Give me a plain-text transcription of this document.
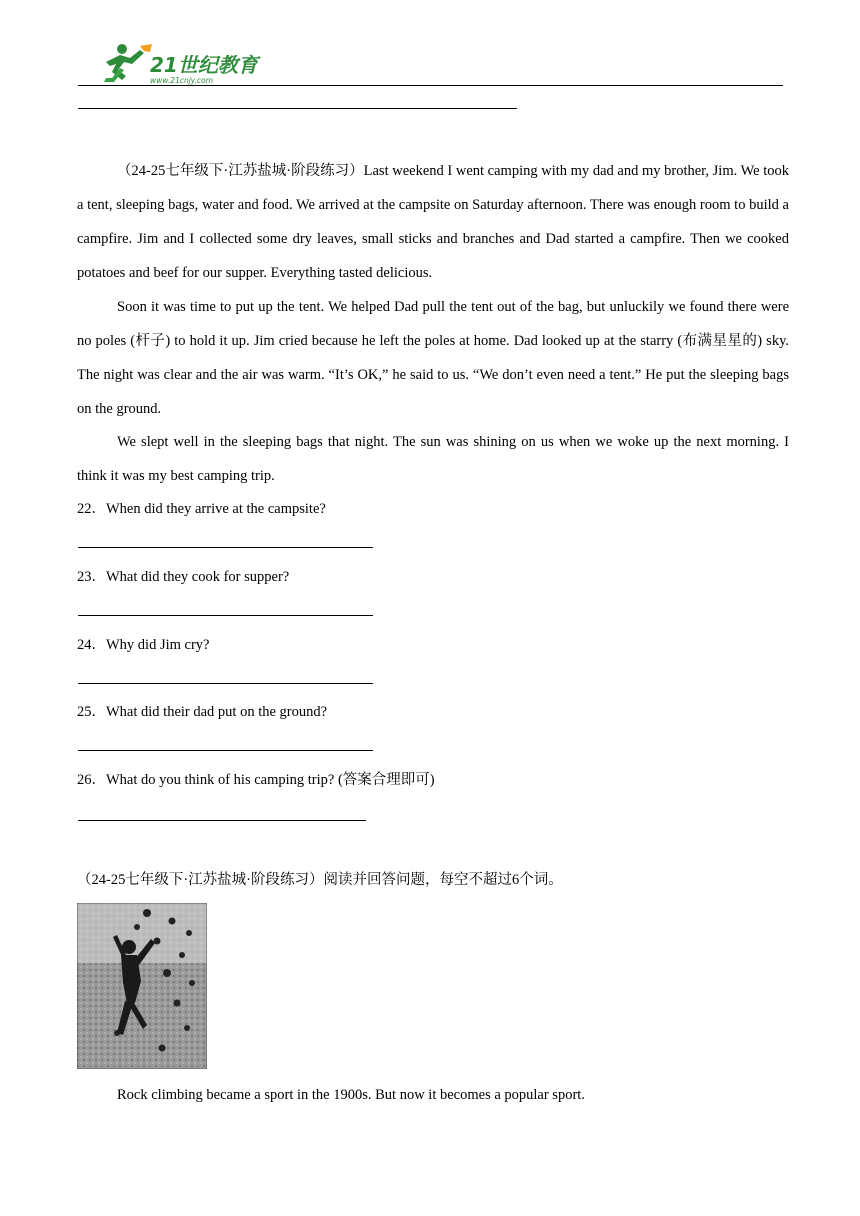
21世纪教育
www.21cnjy.com

（24-25七年级下·江苏盐城·阶段练习）Last weekend I went camping with my dad and my brother, Jim. We took a tent, sleeping bags, water and food. We arrived at the campsite on Saturday afternoon. There was enough room to build a campfire. Jim and I collected some dry leaves, small sticks and branches and Dad started a campfire. Then we cooked potatoes and beef for our supper. Everything tasted delicious.

Soon it was time to put up the tent. We helped Dad pull the tent out of the bag, but unluckily we found there were no poles (杆子) to hold it up. Jim cried because he left the poles at home. Dad looked up at the starry (布满星星的) sky. The night was clear and the air was warm. “It’s OK,” he said to us. “We don’t even need a tent.” He put the sleeping bags on the ground.

We slept well in the sleeping bags that night. The sun was shining on us when we woke up the next morning. I think it was my best camping trip.

22．When did they arrive at the campsite?
23．What did they cook for supper?
24．Why did Jim cry?
25．What did their dad put on the ground?
26．What do you think of his camping trip? (答案合理即可)
（24-25七年级下·江苏盐城·阶段练习）阅读并回答问题，每空不超过6个词。
Rock climbing became a sport in the 1900s. But now it becomes a popular sport.
